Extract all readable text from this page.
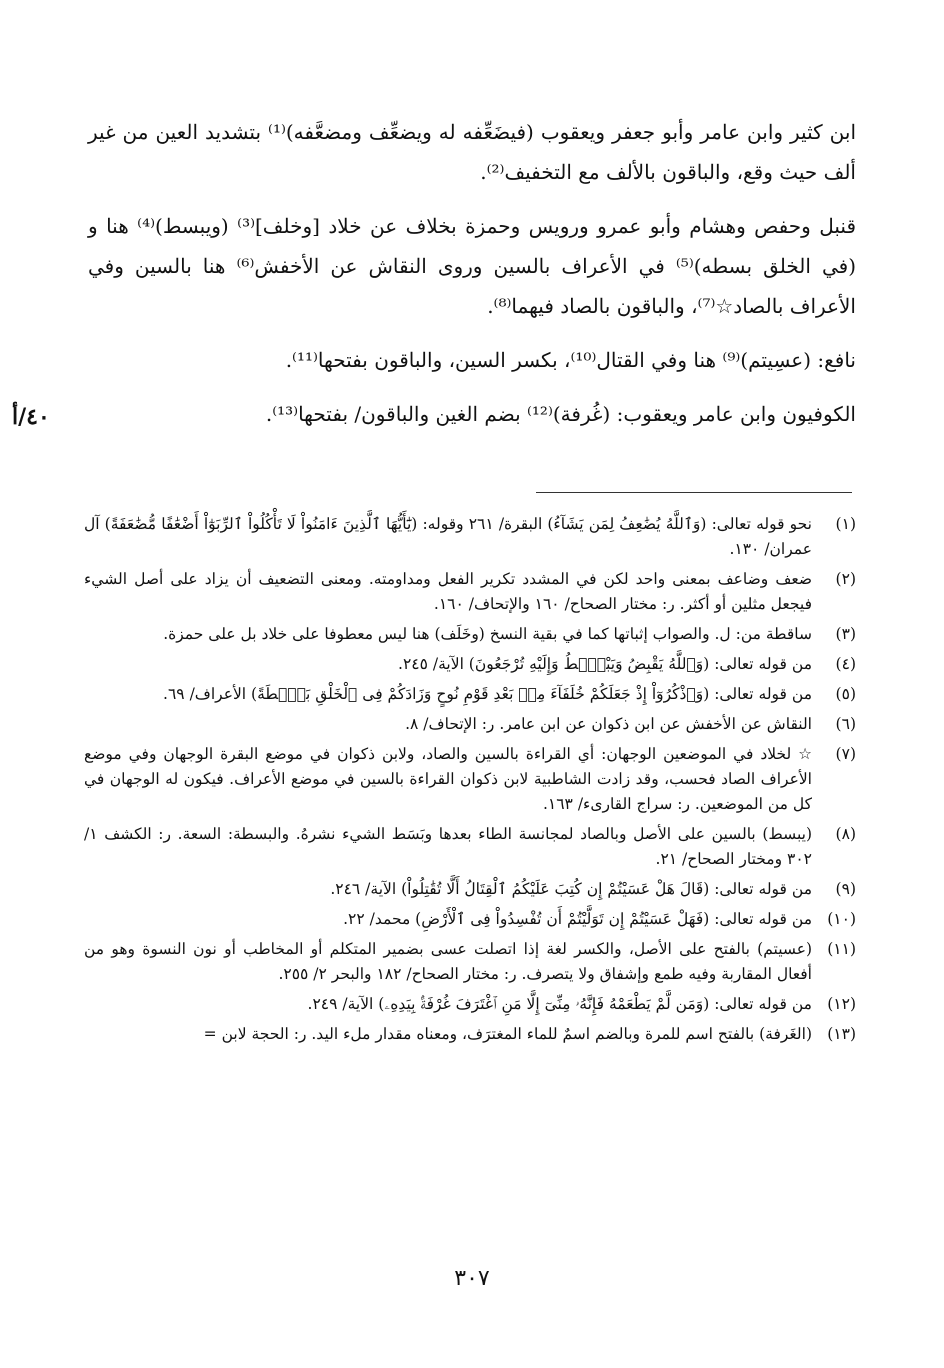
ابن كثير وابن عامر وأبو جعفر ويعقوب (فيضَعِّفه له ويضعِّف ومضعَّفه)⁽¹⁾ بتشديد العين من غير ألف حيث وقع، والباقون بالألف مع التخفيف⁽²⁾.

قنبل وحفص وهشام وأبو عمرو ورويس وحمزة بخلاف عن خلاد [وخلف]⁽³⁾ (ويبسط)⁽⁴⁾ هنا و (في الخلق بسطه)⁽⁵⁾ في الأعراف بالسين وروى النقاش عن الأخفش⁽⁶⁾ هنا بالسين وفي الأعراف بالصاد☆⁽⁷⁾، والباقون بالصاد فيهما⁽⁸⁾.

نافع: (عسِيتم)⁽⁹⁾ هنا وفي القتال⁽¹⁰⁾، بكسر السين، والباقون بفتحها⁽¹¹⁾.

الكوفيون وابن عامر ويعقوب: (غُرفة)⁽¹²⁾ بضم الغين والباقون/ بفتحها⁽¹³⁾.

٤٠/أ
(١)
نحو قوله تعالى: (وَٱللَّهُ يُضَٰعِفُ لِمَن يَشَآءُ) البقرة/ ٢٦١ وقوله: (يَٰٓأَيُّهَا ٱلَّذِينَ ءَامَنُواْ لَا تَأْكُلُواْ ٱلرِّبَوٰٓاْ أَضْعَٰفًا مُّضَٰعَفَةً) آل عمران/ ١٣٠.
(٢)
ضعف وضاعف بمعنى واحد لكن في المشدد تكرير الفعل ومداومته. ومعنى التضعيف أن يزاد على أصل الشيء فيجعل مثلين أو أكثر. ر: مختار الصحاح/ ١٦٠ والإتحاف/ ١٦٠.
(٣)
ساقطة من: ل. والصواب إثباتها كما في بقية النسخ (وخَلَف) هنا ليس معطوفا على خلاد بل على حمزة.
(٤)
من قوله تعالى: (وَٱللَّهُ يَقْبِضُ وَيَبْصُۜطُ وَإِلَيْهِ تُرْجَعُونَ) الآية/ ٢٤٥.
(٥)
من قوله تعالى: (وَٱذْكُرُوٓاْ إِذْ جَعَلَكُمْ خُلَفَآءَ مِنۢ بَعْدِ قَوْمِ نُوحٍ وَزَادَكُمْ فِى ٱلْخَلْقِ بَصْۜطَةً) الأعراف/ ٦٩.
(٦)
النقاش عن الأخفش عن ابن ذكوان عن ابن عامر. ر: الإتحاف/ ٨.
(٧)
☆ لخلاد في الموضعين الوجهان: أي القراءة بالسين والصاد، ولابن ذكوان في موضع البقرة الوجهان وفي موضع الأعراف الصاد فحسب، وقد زادت الشاطبية لابن ذكوان القراءة بالسين في موضع الأعراف. فيكون له الوجهان في كل من الموضعين. ر: سراج القارىء/ ١٦٣.
(٨)
(يبسط) بالسين على الأصل وبالصاد لمجانسة الطاء بعدها وبَسَط الشيء نشرهُ. والبسطة: السعة. ر: الكشف ١/ ٣٠٢ ومختار الصحاح/ ٢١.
(٩)
من قوله تعالى: (قَالَ هَلْ عَسَيْتُمْ إِن كُتِبَ عَلَيْكُمُ ٱلْقِتَالُ أَلَّا تُقَٰتِلُواْ) الآية/ ٢٤٦.
(١٠)
من قوله تعالى: (فَهَلْ عَسَيْتُمْ إِن تَوَلَّيْتُمْ أَن تُفْسِدُواْ فِى ٱلْأَرْضِ) محمد/ ٢٢.
(١١)
(عسيتم) بالفتح على الأصل، والكسر لغة إذا اتصلت عسى بضمير المتكلم أو المخاطب أو نون النسوة وهو من أفعال المقاربة وفيه طمع وإشفاق ولا يتصرف. ر: مختار الصحاح/ ١٨٢ والبحر ٢/ ٢٥٥.
(١٢)
من قوله تعالى: (وَمَن لَّمْ يَطْعَمْهُ فَإِنَّهُۥ مِنِّىٓ إِلَّا مَنِ ٱغْتَرَفَ غُرْفَةًۢ بِيَدِهِۦ) الآية/ ٢٤٩.
(١٣)
(الغَرفة) بالفتح اسم للمرة وبالضم اسمٌ للماء المغترَف، ومعناه مقدار ملء اليد. ر: الحجة لابن =
٣٠٧
